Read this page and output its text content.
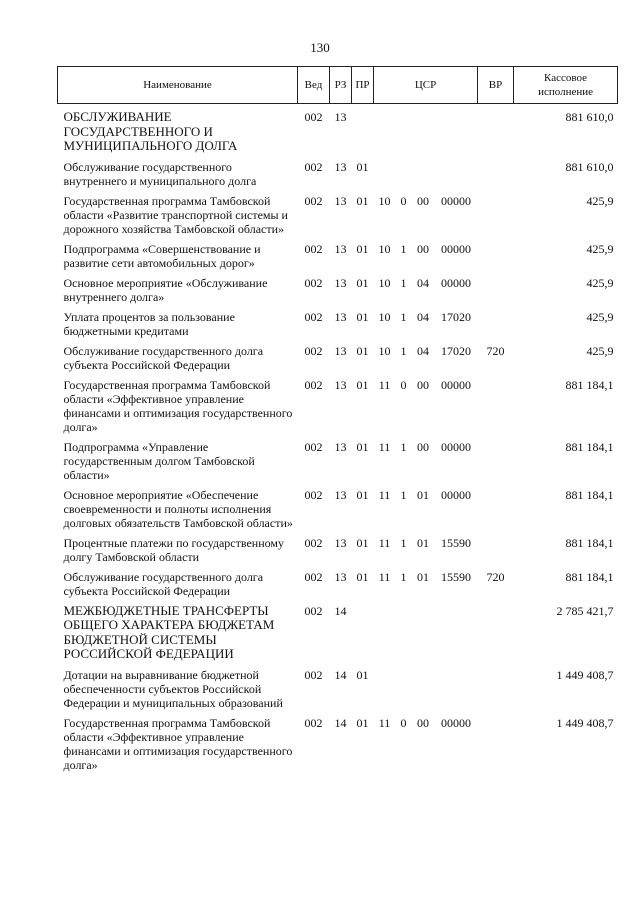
130
Наименование	Вед	РЗ	ПР	ЦСР				ВР	Кассовое
исполнение
ОБСЛУЖИВАНИЕ ГОСУДАРСТВЕННОГО И МУНИЦИПАЛЬНОГО ДОЛГА	002	13							881 610,0
Обслуживание государственного внутреннего и муниципального долга	002	13	01						881 610,0
Государственная программа Тамбовской области «Развитие транспортной системы и дорожного хозяйства Тамбовской области»	002	13	01	10	0	00	00000		425,9
Подпрограмма «Совершенствование и развитие сети автомобильных дорог»	002	13	01	10	1	00	00000		425,9
Основное мероприятие «Обслуживание внутреннего долга»	002	13	01	10	1	04	00000		425,9
Уплата процентов за пользование бюджетными кредитами	002	13	01	10	1	04	17020		425,9
Обслуживание государственного долга субъекта Российской Федерации	002	13	01	10	1	04	17020	720	425,9
Государственная программа Тамбовской области «Эффективное управление финансами и оптимизация государственного долга»	002	13	01	11	0	00	00000		881 184,1
Подпрограмма «Управление государственным долгом Тамбовской области»	002	13	01	11	1	00	00000		881 184,1
Основное мероприятие «Обеспечение своевременности и полноты исполнения долговых обязательств Тамбовской области»	002	13	01	11	1	01	00000		881 184,1
Процентные платежи по государственному долгу Тамбовской области	002	13	01	11	1	01	15590		881 184,1
Обслуживание государственного долга субъекта Российской Федерации	002	13	01	11	1	01	15590	720	881 184,1
МЕЖБЮДЖЕТНЫЕ ТРАНСФЕРТЫ ОБЩЕГО ХАРАКТЕРА БЮДЖЕТАМ БЮДЖЕТНОЙ СИСТЕМЫ РОССИЙСКОЙ ФЕДЕРАЦИИ	002	14							2 785 421,7
Дотации на выравнивание бюджетной обеспеченности субъектов Российской Федерации и муниципальных образований	002	14	01						1 449 408,7
Государственная программа Тамбовской области «Эффективное управление финансами и оптимизация государственного долга»	002	14	01	11	0	00	00000		1 449 408,7
